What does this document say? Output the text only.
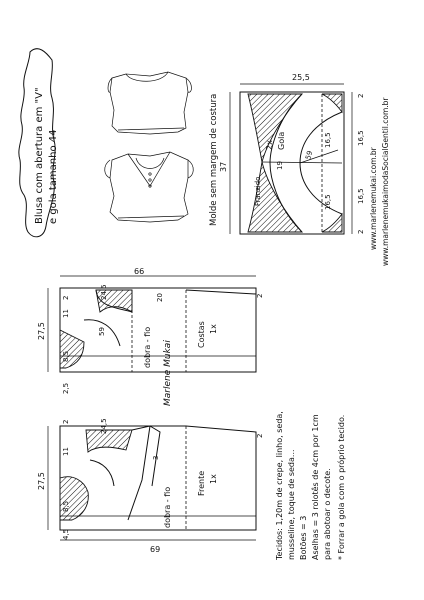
Blusa com abertura em "V" e gola tamanho 44	Molde sem margem de costura
25,5
37
2
16,5
16,5
2
16,5
16,5
59
19
2x Gola
Franzido	www.marlenemukai.com.br www.marlenemukaimodaSocialGentil.com.br
66
24,5	20
27,5
11
8,5
2
2,5
59
2
dobra - fio	Costas 1x
Marlene Mukai
24,5
27,5
11
8,5
4,5
2
3
2
69
dobra - fio
Frente 1x	Tecidos: 1,20m de crepe, linho, seda, musseline, toque de seda... Botões = 3 Aselhas = 3 rolotês de 4cm por 1cm para abotoar o decote. * Forrar a gola com o próprio tecido.
